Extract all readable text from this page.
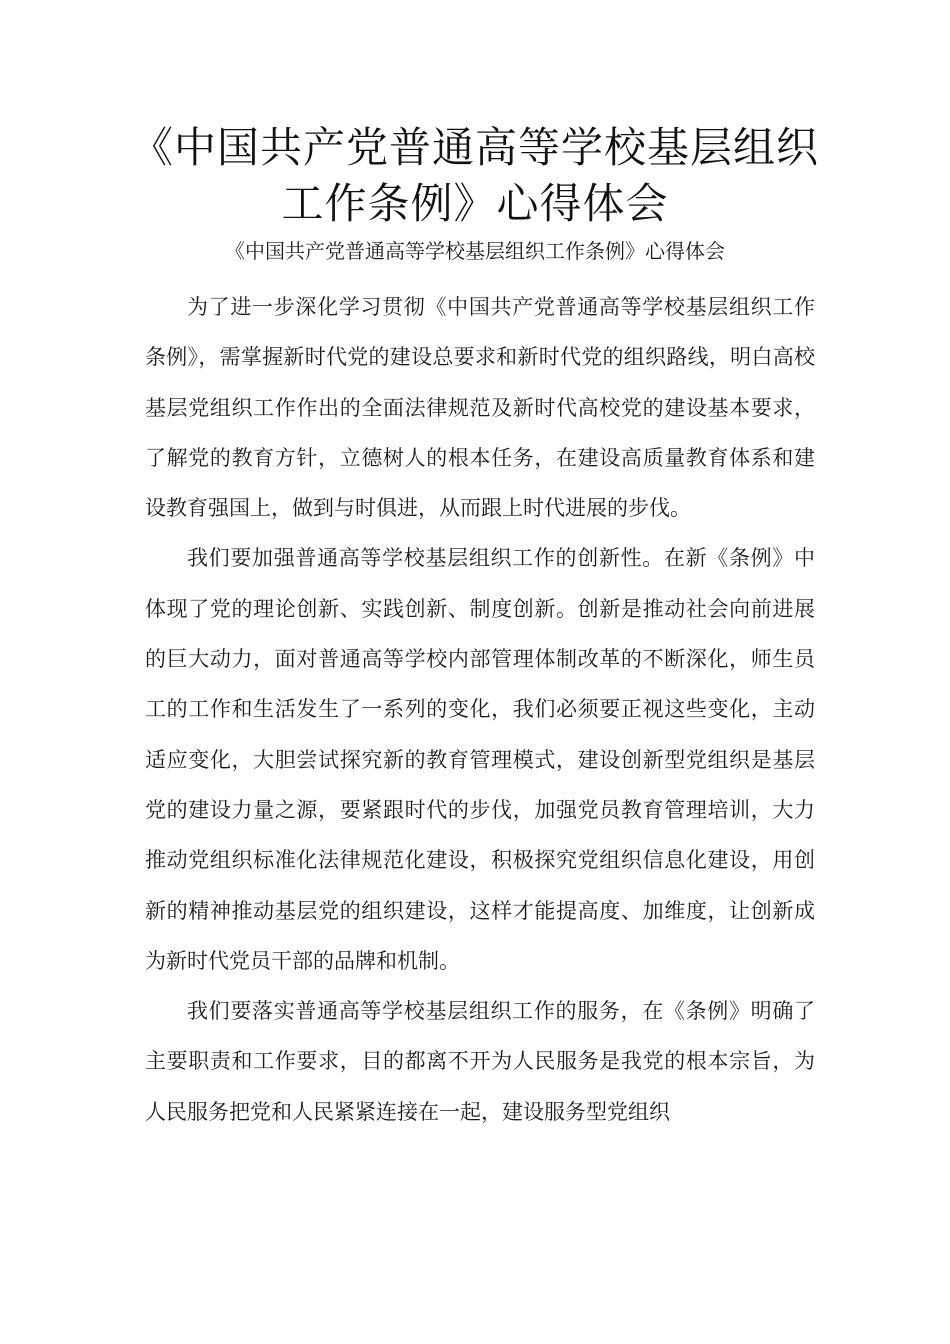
《中国共产党普通高等学校基层组织工作条例》心得体会
《中国共产党普通高等学校基层组织工作条例》心得体会

为了进一步深化学习贯彻《中国共产党普通高等学校基层组织工作条例》，需掌握新时代党的建设总要求和新时代党的组织路线，明白高校基层党组织工作作出的全面法律规范及新时代高校党的建设基本要求，了解党的教育方针，立德树人的根本任务，在建设高质量教育体系和建设教育强国上，做到与时俱进，从而跟上时代进展的步伐。

我们要加强普通高等学校基层组织工作的创新性。在新《条例》中体现了党的理论创新、实践创新、制度创新。创新是推动社会向前进展的巨大动力，面对普通高等学校内部管理体制改革的不断深化，师生员工的工作和生活发生了一系列的变化，我们必须要正视这些变化，主动适应变化，大胆尝试探究新的教育管理模式，建设创新型党组织是基层党的建设力量之源，要紧跟时代的步伐，加强党员教育管理培训，大力推动党组织标准化法律规范化建设，积极探究党组织信息化建设，用创新的精神推动基层党的组织建设，这样才能提高度、加维度，让创新成为新时代党员干部的品牌和机制。

我们要落实普通高等学校基层组织工作的服务，在《条例》明确了主要职责和工作要求，目的都离不开为人民服务是我党的根本宗旨，为人民服务把党和人民紧紧连接在一起，建设服务型党组织
